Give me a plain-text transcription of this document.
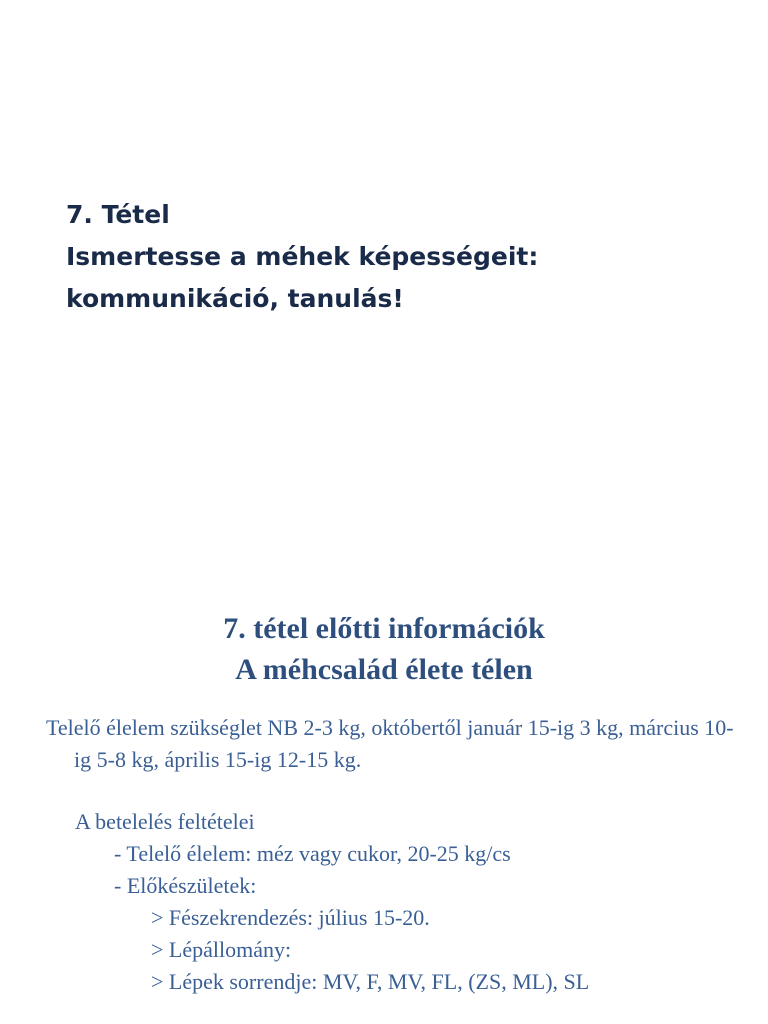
7. Tétel
Ismertesse a méhek képességeit:
kommunikáció, tanulás!
7. tétel előtti információk
A méhcsalád élete télen

Telelő élelem szükséglet NB 2-3 kg, októbertől január 15-ig 3 kg, március 10-ig 5-8 kg, április 15-ig 12-15 kg.

A betelelés feltételei

- Telelő élelem: méz vagy cukor, 20-25 kg/cs

- Előkészületek:

> Fészekrendezés: július 15-20.

> Lépállomány:

> Lépek sorrendje: MV, F, MV, FL, (ZS, ML), SL
